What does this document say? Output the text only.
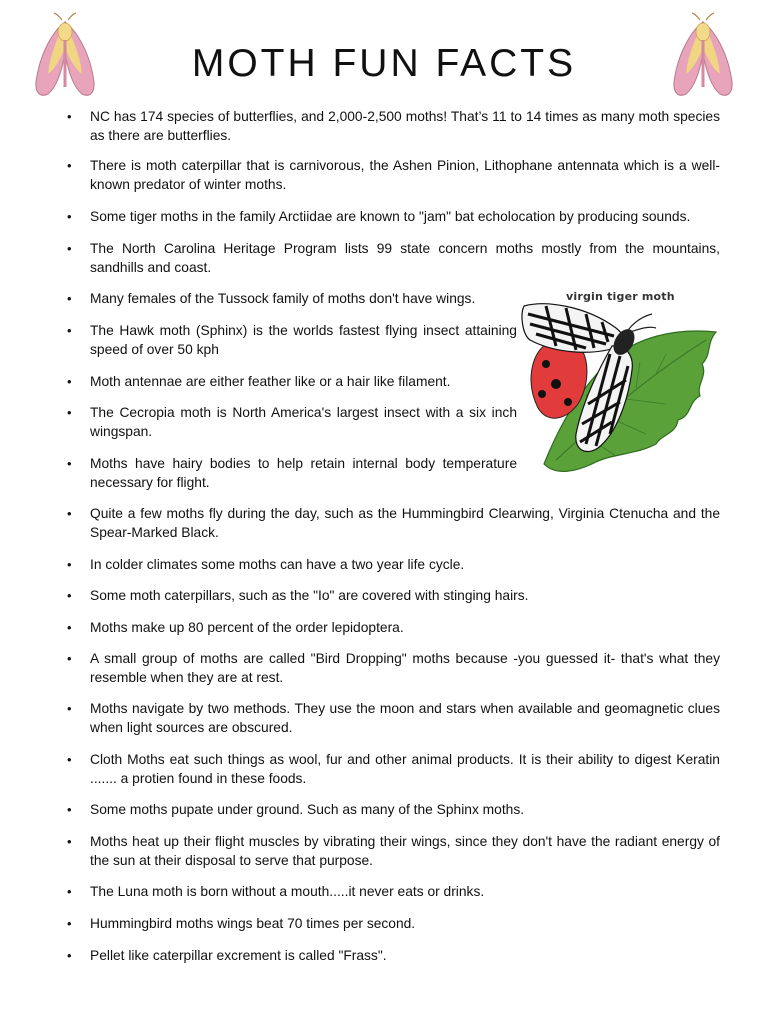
MOTH FUN FACTS
virgin tiger moth
• NC has 174 species of butterflies, and 2,000-2,500 moths! That’s 11 to 14 times as many moth species as there are butterflies.
• There is moth caterpillar that is carnivorous, the Ashen Pinion, Lithophane antennata which is a well-known predator of winter moths.
• Some tiger moths in the family Arctiidae are known to "jam" bat echolocation by producing sounds.
• The North Carolina Heritage Program lists 99 state concern moths mostly from the mountains, sandhills and coast.
• Many females of the Tussock family of moths don't have wings.
• The Hawk moth (Sphinx) is the worlds fastest flying insect attaining speed of over 50 kph
• Moth antennae are either feather like or a hair like filament.
• The Cecropia moth is North America's largest insect with a six inch wingspan.
• Moths have hairy bodies to help retain internal body temperature necessary for flight.
• Quite a few moths fly during the day, such as the Hummingbird Clearwing, Virginia Ctenucha and the Spear-Marked Black.
• In colder climates some moths can have a two year life cycle.
• Some moth caterpillars, such as the "Io" are covered with stinging hairs.
• Moths make up 80 percent of the order lepidoptera.
• A small group of moths are called "Bird Dropping" moths because -you guessed it- that's what they resemble when they are at rest.
• Moths navigate by two methods. They use the moon and stars when available and geomagnetic clues when light sources are obscured.
• Cloth Moths eat such things as wool, fur and other animal products. It is their ability to digest Keratin ....... a protien found in these foods.
• Some moths pupate under ground. Such as many of the Sphinx moths.
• Moths heat up their flight muscles by vibrating their wings, since they don't have the radiant energy of the sun at their disposal to serve that purpose.
• The Luna moth is born without a mouth.....it never eats or drinks.
• Hummingbird moths wings beat 70 times per second.
• Pellet like caterpillar excrement is called "Frass".
